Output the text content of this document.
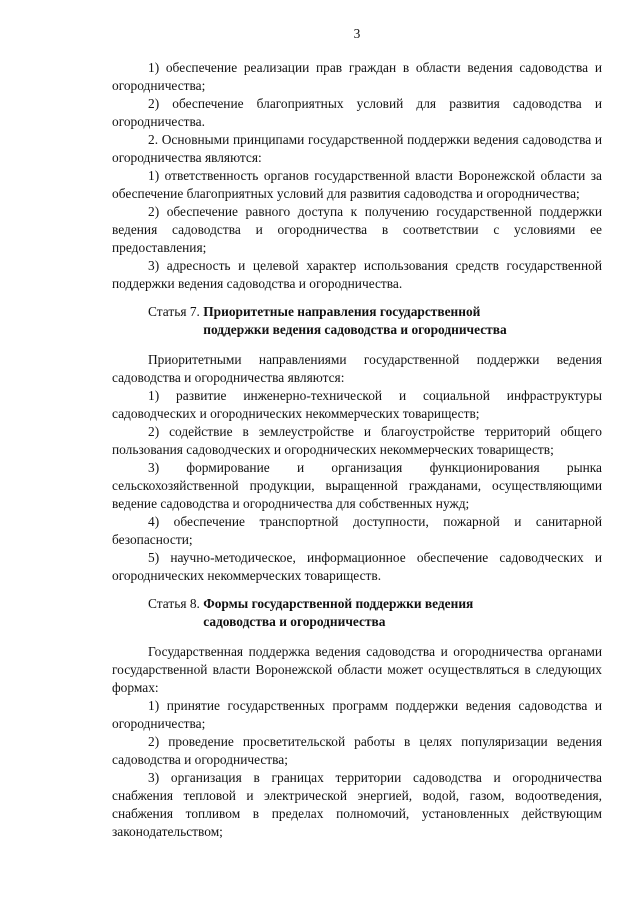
3

1) обеспечение реализации прав граждан в области ведения садоводства и огородничества;

2) обеспечение благоприятных условий для развития садоводства и огородничества.

2. Основными принципами государственной поддержки ведения садоводства и огородничества являются:

1) ответственность органов государственной власти Воронежской области за обеспечение благоприятных условий для развития садоводства и огородничества;

2) обеспечение равного доступа к получению государственной поддержки ведения садоводства и огородничества в соответствии с условиями ее предоставления;

3) адресность и целевой характер использования средств государственной поддержки ведения садоводства и огородничества.

Статья 7. Приоритетные направления государственной
поддержки ведения садоводства и огородничества

Приоритетными направлениями государственной поддержки ведения садоводства и огородничества являются:

1) развитие инженерно-технической и социальной инфраструктуры садоводческих и огороднических некоммерческих товариществ;

2) содействие в землеустройстве и благоустройстве территорий общего пользования садоводческих и огороднических некоммерческих товариществ;

3) формирование и организация функционирования рынка сельскохозяйственной продукции, выращенной гражданами, осуществляющими ведение садоводства и огородничества для собственных нужд;

4) обеспечение транспортной доступности, пожарной и санитарной безопасности;

5) научно-методическое, информационное обеспечение садоводческих и огороднических некоммерческих товариществ.

Статья 8. Формы государственной поддержки ведения
садоводства и огородничества

Государственная поддержка ведения садоводства и огородничества органами государственной власти Воронежской области может осуществляться в следующих формах:

1) принятие государственных программ поддержки ведения садоводства и огородничества;

2) проведение просветительской работы в целях популяризации ведения садоводства и огородничества;

3) организация в границах территории садоводства и огородничества снабжения тепловой и электрической энергией, водой, газом, водоотведения, снабжения топливом в пределах полномочий, установленных действующим законодательством;
